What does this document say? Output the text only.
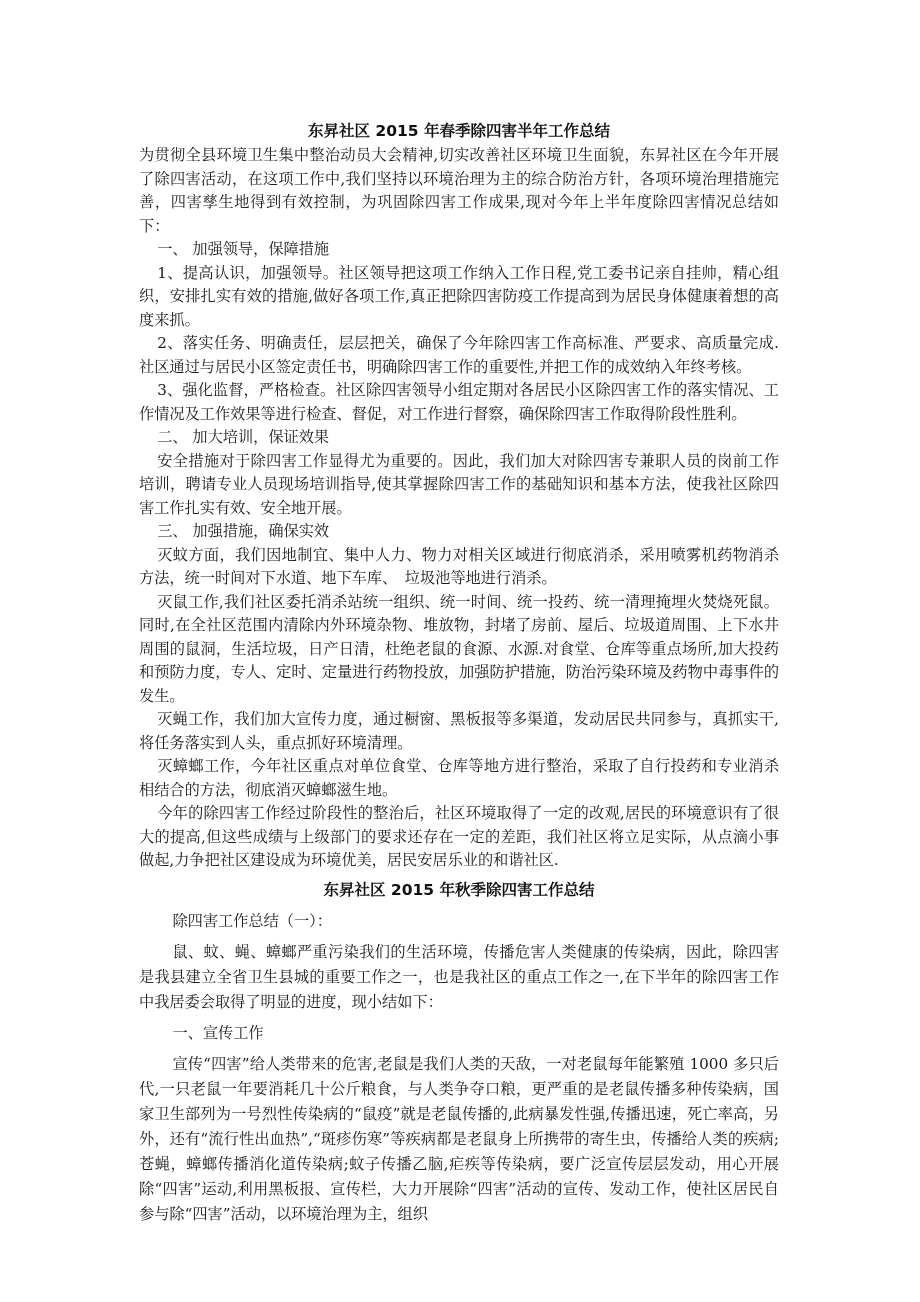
东昇社区 2015 年春季除四害半年工作总结

为贯彻全县环境卫生集中整治动员大会精神,切实改善社区环境卫生面貌，东昇社区在今年开展了除四害活动，在这项工作中,我们坚持以环境治理为主的综合防治方针，各项环境治理措施完善，四害孳生地得到有效控制，为巩固除四害工作成果,现对今年上半年度除四害情况总结如下：

一、 加强领导，保障措施

1、提高认识，加强领导。社区领导把这项工作纳入工作日程,党工委书记亲自挂帅，精心组织，安排扎实有效的措施,做好各项工作,真正把除四害防疫工作提高到为居民身体健康着想的高度来抓。

2、落实任务、明确责任，层层把关，确保了今年除四害工作高标准、严要求、高质量完成.社区通过与居民小区签定责任书，明确除四害工作的重要性,并把工作的成效纳入年终考核。

3、强化监督，严格检查。社区除四害领导小组定期对各居民小区除四害工作的落实情况、工作情况及工作效果等进行检查、督促，对工作进行督察，确保除四害工作取得阶段性胜利。

二、 加大培训，保证效果

安全措施对于除四害工作显得尤为重要的。因此，我们加大对除四害专兼职人员的岗前工作培训，聘请专业人员现场培训指导,使其掌握除四害工作的基础知识和基本方法，使我社区除四害工作扎实有效、安全地开展。

三、 加强措施，确保实效

灭蚊方面，我们因地制宜、集中人力、物力对相关区域进行彻底消杀，采用喷雾机药物消杀方法，统一时间对下水道、地下车库、　垃圾池等地进行消杀。

灭鼠工作,我们社区委托消杀站统一组织、统一时间、统一投药、统一清理掩埋火焚烧死鼠。同时,在全社区范围内清除内外环境杂物、堆放物，封堵了房前、屋后、垃圾道周围、上下水井周围的鼠洞，生活垃圾，日产日清，杜绝老鼠的食源、水源.对食堂、仓库等重点场所,加大投药和预防力度，专人、定时、定量进行药物投放，加强防护措施，防治污染环境及药物中毒事件的发生。

灭蝇工作，我们加大宣传力度，通过橱窗、黑板报等多渠道，发动居民共同参与，真抓实干,将任务落实到人头，重点抓好环境清理。

灭蟑螂工作，今年社区重点对单位食堂、仓库等地方进行整治，采取了自行投药和专业消杀相结合的方法，彻底消灭蟑螂滋生地。

今年的除四害工作经过阶段性的整治后，社区环境取得了一定的改观,居民的环境意识有了很大的提高,但这些成绩与上级部门的要求还存在一定的差距，我们社区将立足实际，从点滴小事做起,力争把社区建设成为环境优美，居民安居乐业的和谐社区.

东昇社区 2015 年秋季除四害工作总结

除四害工作总结（一）：

鼠、蚊、蝇、蟑螂严重污染我们的生活环境，传播危害人类健康的传染病，因此，除四害是我县建立全省卫生县城的重要工作之一，也是我社区的重点工作之一,在下半年的除四害工作中我居委会取得了明显的进度，现小结如下：

一、宣传工作

宣传“四害”给人类带来的危害,老鼠是我们人类的天敌，一对老鼠每年能繁殖 1000 多只后代,一只老鼠一年要消耗几十公斤粮食，与人类争夺口粮，更严重的是老鼠传播多种传染病，国家卫生部列为一号烈性传染病的“鼠疫”就是老鼠传播的,此病暴发性强,传播迅速，死亡率高，另外，还有“流行性出血热”,“斑疹伤寒”等疾病都是老鼠身上所携带的寄生虫，传播给人类的疾病;苍蝇，蟑螂传播消化道传染病;蚊子传播乙脑,疟疾等传染病，要广泛宣传层层发动，用心开展除“四害”运动,利用黑板报、宣传栏，大力开展除“四害”活动的宣传、发动工作，使社区居民自参与除“四害”活动，以环境治理为主，组织
